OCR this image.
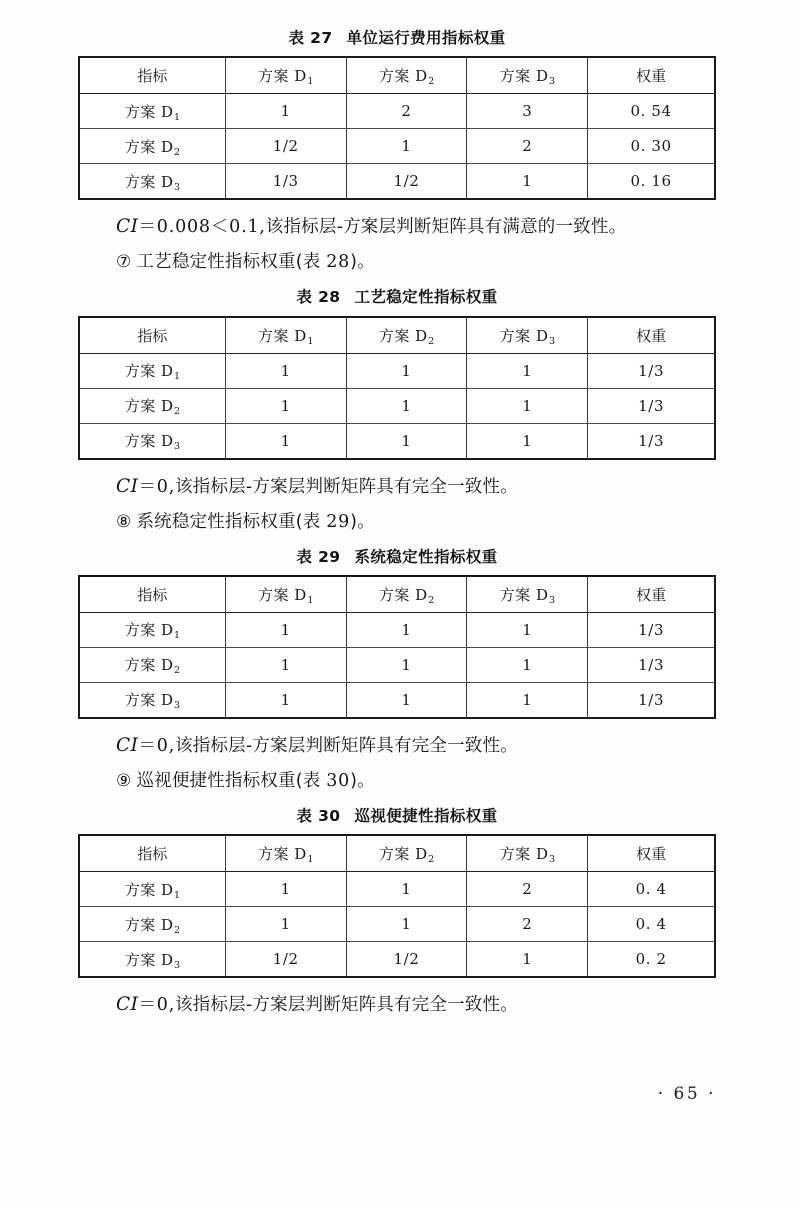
表 27 单位运行费用指标权重
指标	方案 $D_1$	方案 $D_2$	方案 $D_3$	权重
方案 $D_1$	1	2	3	0. 54
方案 $D_2$	1/2	1	2	0. 30
方案 $D_3$	1/3	1/2	1	0. 16

CI＝0.008＜0.1,该指标层-方案层判断矩阵具有满意的一致性。

⑦ 工艺稳定性指标权重(表 28)。

表 28 工艺稳定性指标权重
指标	方案 $D_1$	方案 $D_2$	方案 $D_3$	权重
方案 $D_1$	1	1	1	1/3
方案 $D_2$	1	1	1	1/3
方案 $D_3$	1	1	1	1/3

CI＝0,该指标层-方案层判断矩阵具有完全一致性。

⑧ 系统稳定性指标权重(表 29)。

表 29 系统稳定性指标权重
指标	方案 $D_1$	方案 $D_2$	方案 $D_3$	权重
方案 $D_1$	1	1	1	1/3
方案 $D_2$	1	1	1	1/3
方案 $D_3$	1	1	1	1/3

CI＝0,该指标层-方案层判断矩阵具有完全一致性。

⑨ 巡视便捷性指标权重(表 30)。

表 30 巡视便捷性指标权重
指标	方案 $D_1$	方案 $D_2$	方案 $D_3$	权重
方案 $D_1$	1	1	2	0. 4
方案 $D_2$	1	1	2	0. 4
方案 $D_3$	1/2	1/2	1	0. 2

CI＝0,该指标层-方案层判断矩阵具有完全一致性。

· 65 ·
